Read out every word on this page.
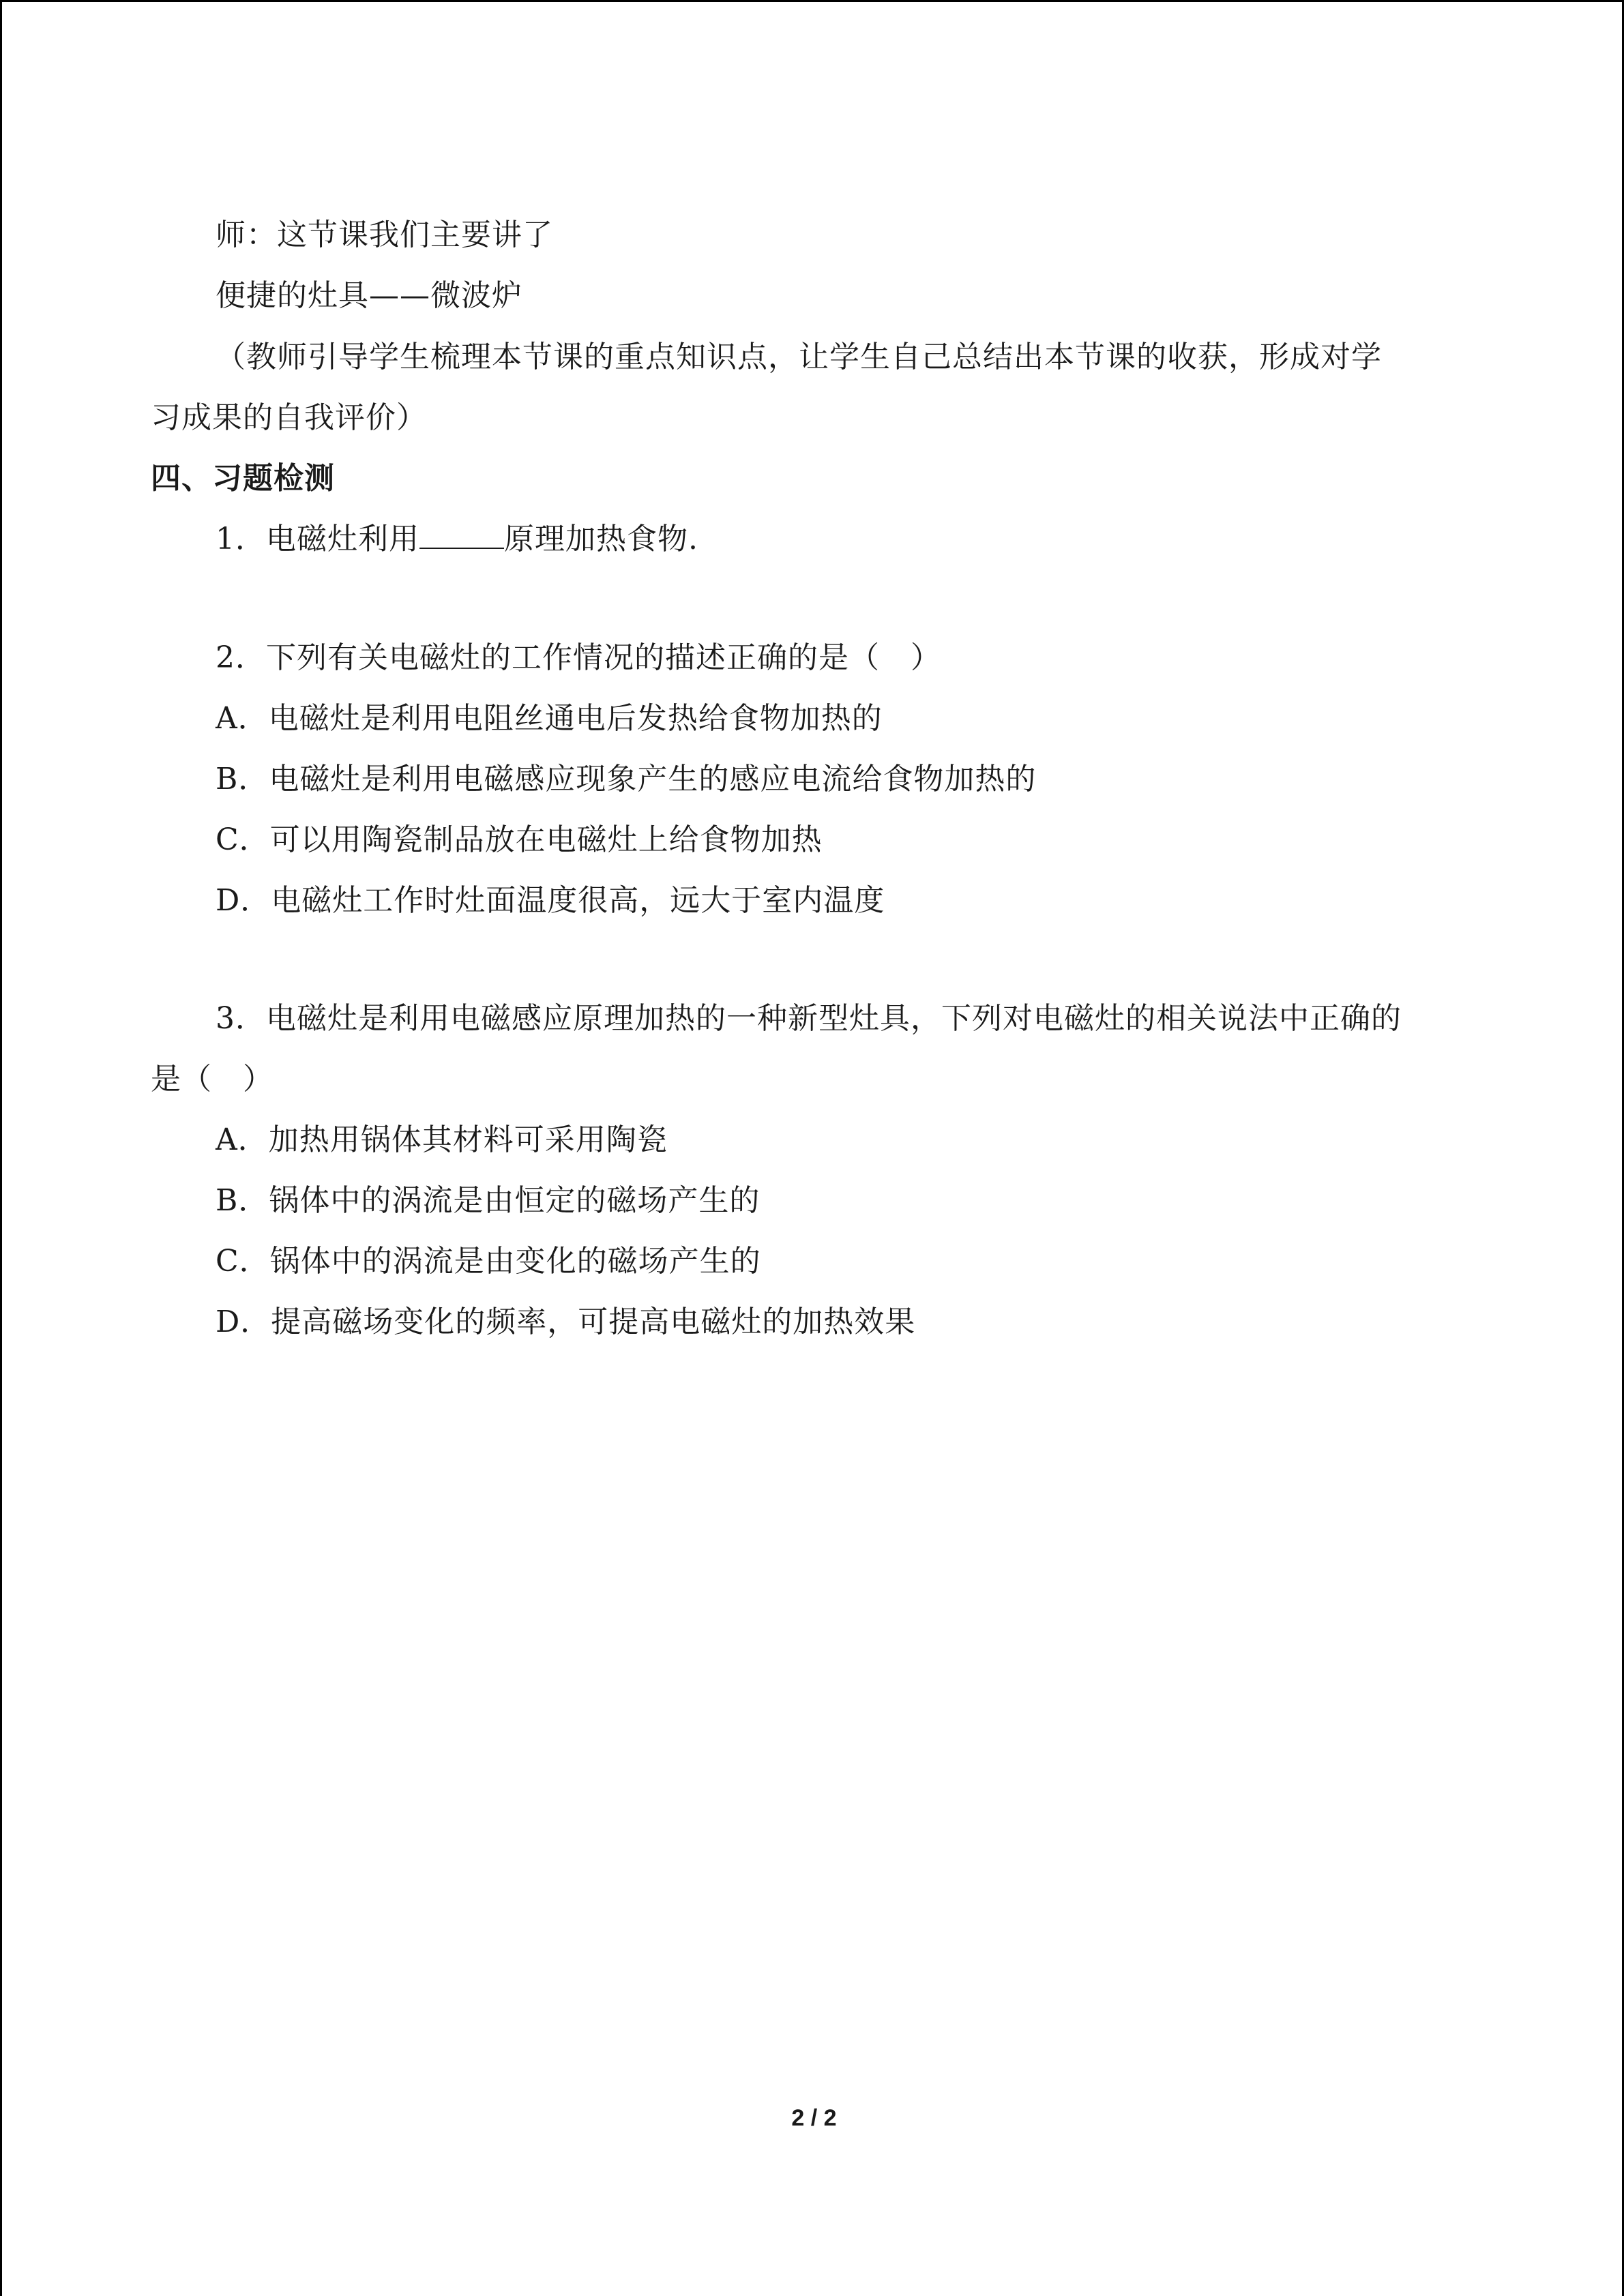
师：这节课我们主要讲了
便捷的灶具——微波炉
（教师引导学生梳理本节课的重点知识点，让学生自己总结出本节课的收获，形成对学
习成果的自我评价）
四、习题检测
1．电磁灶利用	原理加热食物.
2．下列有关电磁灶的工作情况的描述正确的是（　）
A．电磁灶是利用电阻丝通电后发热给食物加热的
B．电磁灶是利用电磁感应现象产生的感应电流给食物加热的
C．可以用陶瓷制品放在电磁灶上给食物加热
D．电磁灶工作时灶面温度很高，远大于室内温度
3．电磁灶是利用电磁感应原理加热的一种新型灶具，下列对电磁灶的相关说法中正确的
是（　）
A．加热用锅体其材料可采用陶瓷
B．锅体中的涡流是由恒定的磁场产生的
C．锅体中的涡流是由变化的磁场产生的
D．提高磁场变化的频率，可提高电磁灶的加热效果
2 / 2
